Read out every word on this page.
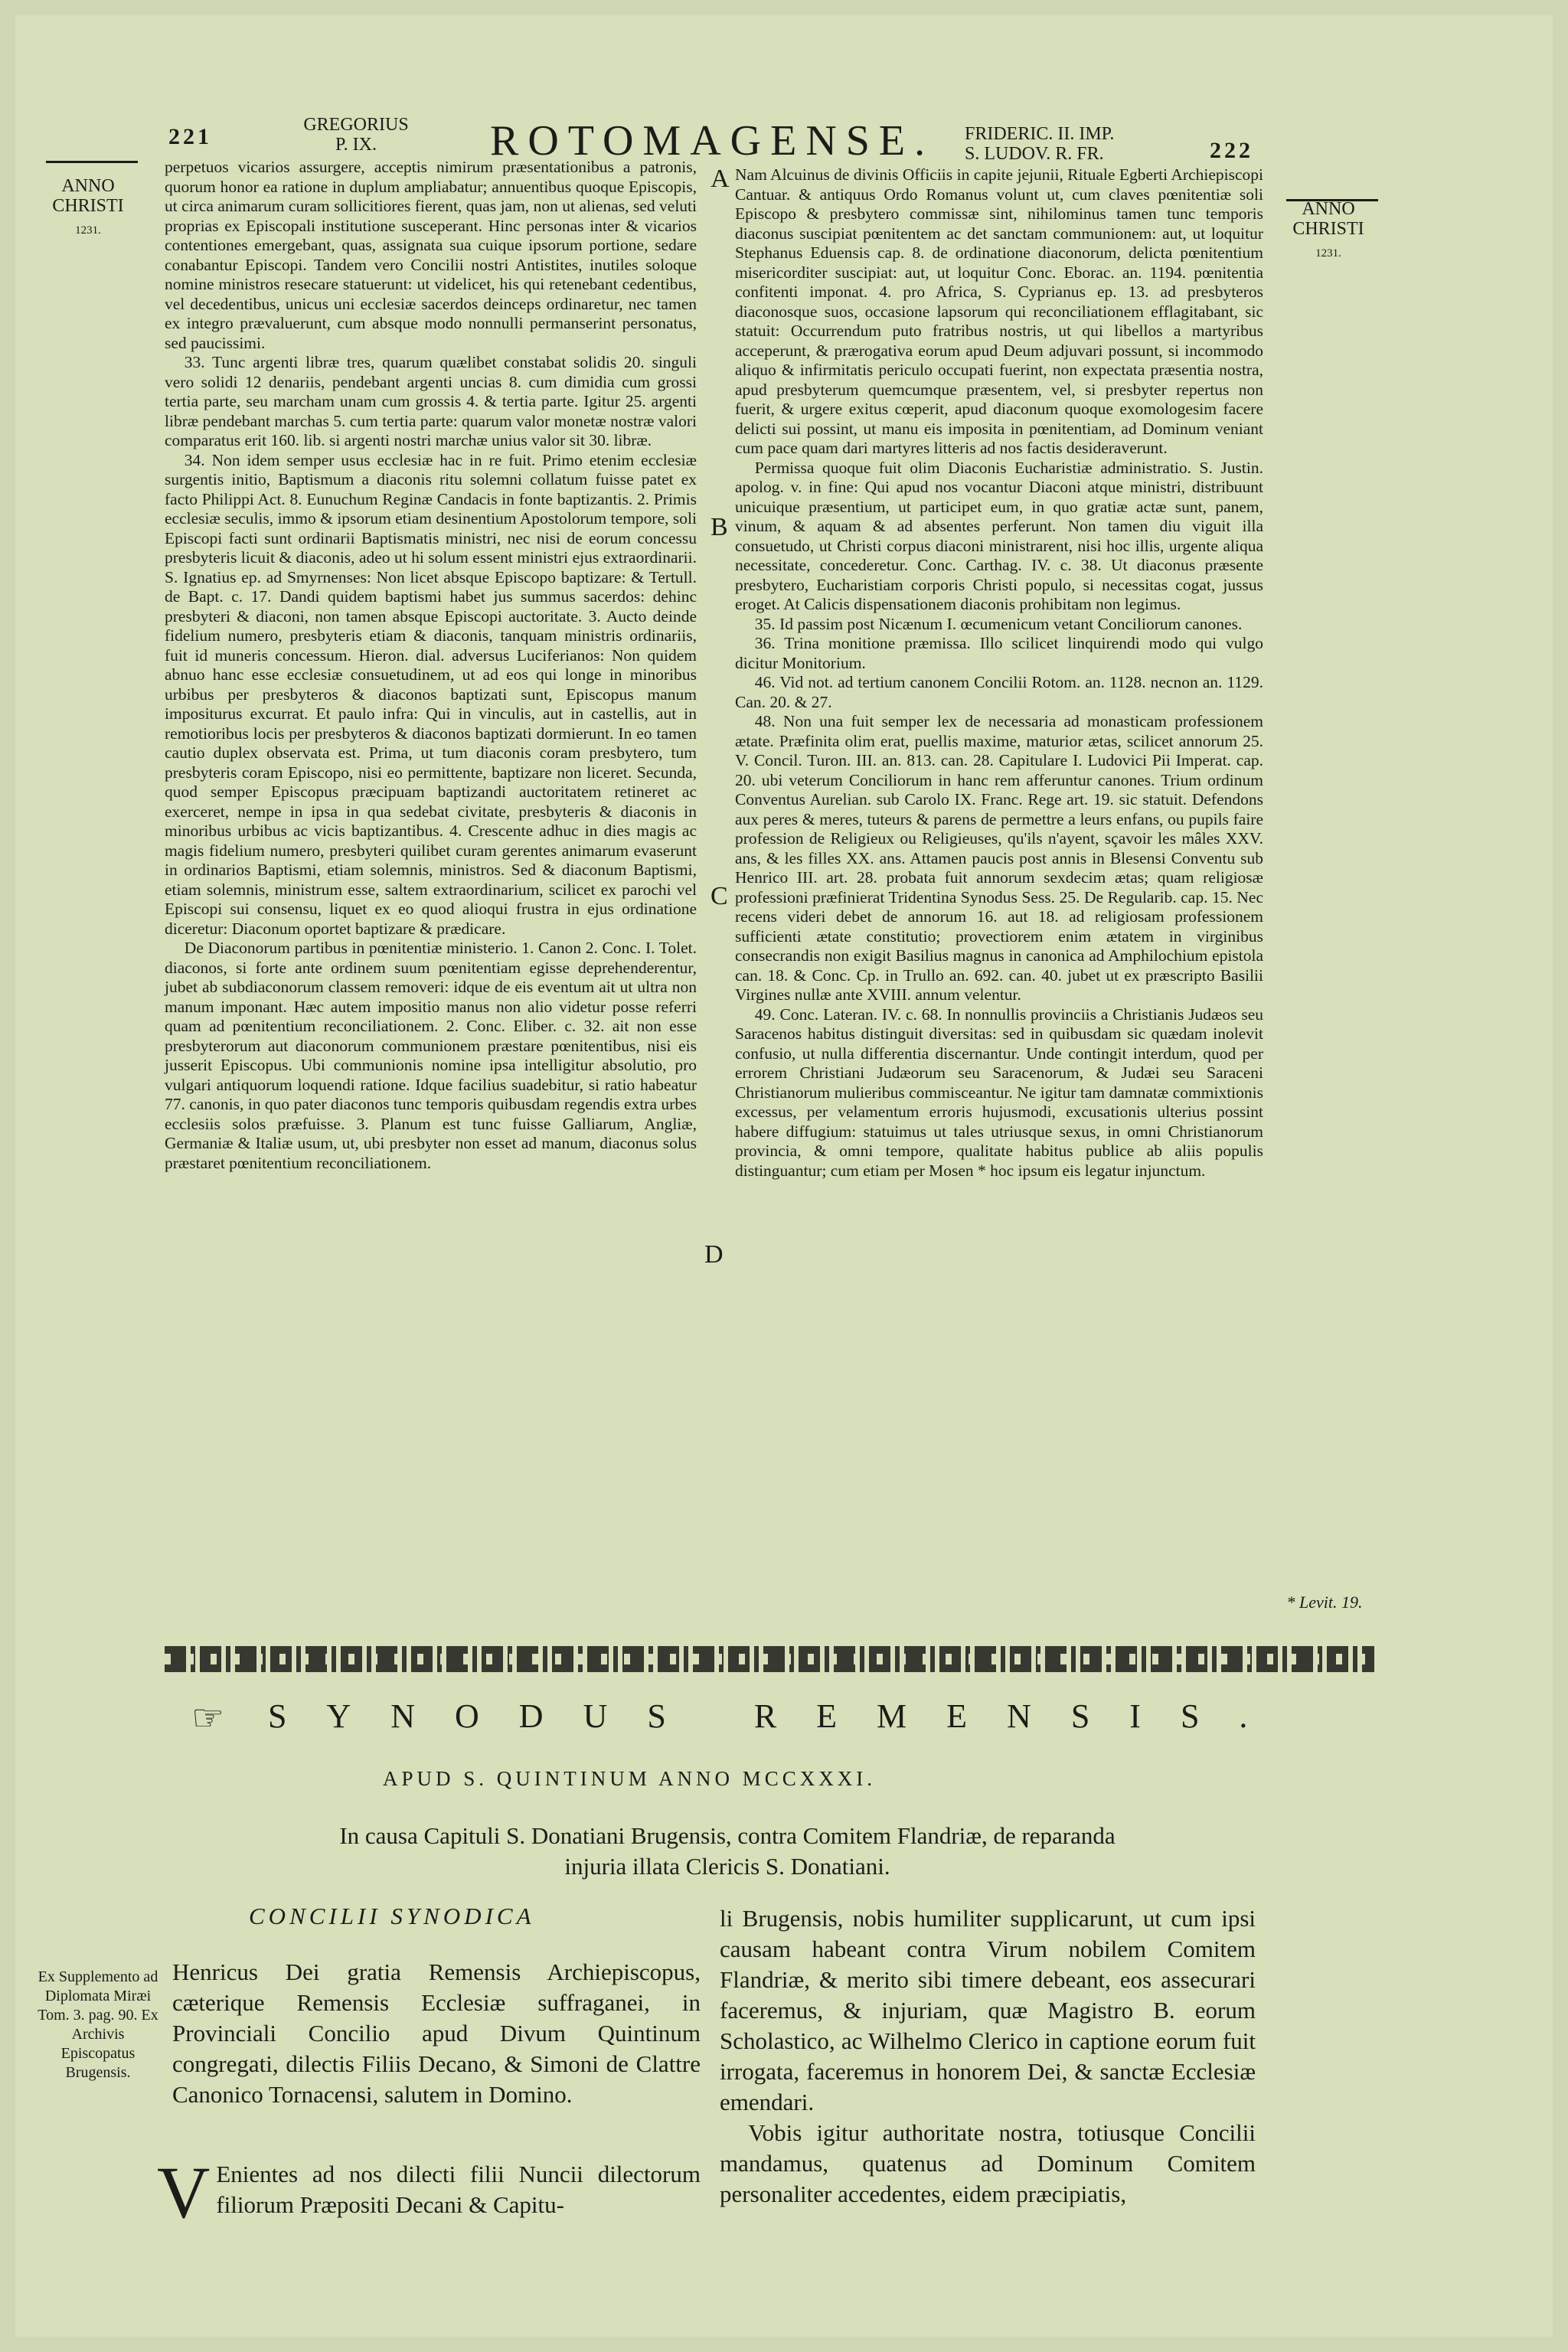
221	GREGORIUS
P. IX.	ROTOMAGENSE. FRIDERIC. II. IMP.
S. LUDOV. R. FR.	222
ANNO CHRISTI
1231.
ANNO CHRISTI
1231.

perpetuos vicarios assurgere, acceptis nimirum præsentationibus a patronis, quorum honor ea ratione in duplum ampliabatur; annuentibus quoque Episcopis, ut circa animarum curam sollicitiores fierent, quas jam, non ut alienas, sed veluti proprias ex Episcopali institutione susceperant. Hinc personas inter & vicarios contentiones emergebant, quas, assignata sua cuique ipsorum portione, sedare conabantur Episcopi. Tandem vero Concilii nostri Antistites, inutiles soloque nomine ministros resecare statuerunt: ut videlicet, his qui retenebant cedentibus, vel decedentibus, unicus uni ecclesiæ sacerdos deinceps ordinaretur, nec tamen ex integro prævaluerunt, cum absque modo nonnulli permanserint personatus, sed paucissimi.

33. Tunc argenti libræ tres, quarum quælibet constabat solidis 20. singuli vero solidi 12 denariis, pendebant argenti uncias 8. cum dimidia cum grossi tertia parte, seu marcham unam cum grossis 4. & tertia parte. Igitur 25. argenti libræ pendebant marchas 5. cum tertia parte: quarum valor monetæ nostræ valori comparatus erit 160. lib. si argenti nostri marchæ unius valor sit 30. libræ.

34. Non idem semper usus ecclesiæ hac in re fuit. Primo etenim ecclesiæ surgentis initio, Baptismum a diaconis ritu solemni collatum fuisse patet ex facto Philippi Act. 8. Eunuchum Reginæ Candacis in fonte baptizantis. 2. Primis ecclesiæ seculis, immo & ipsorum etiam desinentium Apostolorum tempore, soli Episcopi facti sunt ordinarii Baptismatis ministri, nec nisi de eorum concessu presbyteris licuit & diaconis, adeo ut hi solum essent ministri ejus extraordinarii. S. Ignatius ep. ad Smyrnenses: Non licet absque Episcopo baptizare: & Tertull. de Bapt. c. 17. Dandi quidem baptismi habet jus summus sacerdos: dehinc presbyteri & diaconi, non tamen absque Episcopi auctoritate. 3. Aucto deinde fidelium numero, presbyteris etiam & diaconis, tanquam ministris ordinariis, fuit id muneris concessum. Hieron. dial. adversus Luciferianos: Non quidem abnuo hanc esse ecclesiæ consuetudinem, ut ad eos qui longe in minoribus urbibus per presbyteros & diaconos baptizati sunt, Episcopus manum impositurus excurrat. Et paulo infra: Qui in vinculis, aut in castellis, aut in remotioribus locis per presbyteros & diaconos baptizati dormierunt. In eo tamen cautio duplex observata est. Prima, ut tum diaconis coram presbytero, tum presbyteris coram Episcopo, nisi eo permittente, baptizare non liceret. Secunda, quod semper Episcopus præcipuam baptizandi auctoritatem retineret ac exerceret, nempe in ipsa in qua sedebat civitate, presbyteris & diaconis in minoribus urbibus ac vicis baptizantibus. 4. Crescente adhuc in dies magis ac magis fidelium numero, presbyteri quilibet curam gerentes animarum evaserunt in ordinarios Baptismi, etiam solemnis, ministros. Sed & diaconum Baptismi, etiam solemnis, ministrum esse, saltem extraordinarium, scilicet ex parochi vel Episcopi sui consensu, liquet ex eo quod alioqui frustra in ejus ordinatione diceretur: Diaconum oportet baptizare & prædicare.

De Diaconorum partibus in pœnitentiæ ministerio. 1. Canon 2. Conc. I. Tolet. diaconos, si forte ante ordinem suum pœnitentiam egisse deprehenderentur, jubet ab subdiaconorum classem removeri: idque de eis eventum ait ut ultra non manum imponant. Hæc autem impositio manus non alio videtur posse referri quam ad pœnitentium reconciliationem. 2. Conc. Eliber. c. 32. ait non esse presbyterorum aut diaconorum communionem præstare pœnitentibus, nisi eis jusserit Episcopus. Ubi communionis nomine ipsa intelligitur absolutio, pro vulgari antiquorum loquendi ratione. Idque facilius suadebitur, si ratio habeatur 77. canonis, in quo pater diaconos tunc temporis quibusdam regendis extra urbes ecclesiis solos præfuisse. 3. Planum est tunc fuisse Galliarum, Angliæ, Germaniæ & Italiæ usum, ut, ubi presbyter non esset ad manum, diaconus solus præstaret pœnitentium reconciliationem.

A
B
C
D

Nam Alcuinus de divinis Officiis in capite jejunii, Rituale Egberti Archiepiscopi Cantuar. & antiquus Ordo Romanus volunt ut, cum claves pœnitentiæ soli Episcopo & presbytero commissæ sint, nihilominus tamen tunc temporis diaconus suscipiat pœnitentem ac det sanctam communionem: aut, ut loquitur Stephanus Eduensis cap. 8. de ordinatione diaconorum, delicta pœnitentium misericorditer suscipiat: aut, ut loquitur Conc. Eborac. an. 1194. pœnitentia confitenti imponat. 4. pro Africa, S. Cyprianus ep. 13. ad presbyteros diaconosque suos, occasione lapsorum qui reconciliationem efflagitabant, sic statuit: Occurrendum puto fratribus nostris, ut qui libellos a martyribus acceperunt, & prærogativa eorum apud Deum adjuvari possunt, si incommodo aliquo & infirmitatis periculo occupati fuerint, non expectata præsentia nostra, apud presbyterum quemcumque præsentem, vel, si presbyter repertus non fuerit, & urgere exitus cœperit, apud diaconum quoque exomologesim facere delicti sui possint, ut manu eis imposita in pœnitentiam, ad Dominum veniant cum pace quam dari martyres litteris ad nos factis desideraverunt.

Permissa quoque fuit olim Diaconis Eucharistiæ administratio. S. Justin. apolog. v. in fine: Qui apud nos vocantur Diaconi atque ministri, distribuunt unicuique præsentium, ut participet eum, in quo gratiæ actæ sunt, panem, vinum, & aquam & ad absentes perferunt. Non tamen diu viguit illa consuetudo, ut Christi corpus diaconi ministrarent, nisi hoc illis, urgente aliqua necessitate, concederetur. Conc. Carthag. IV. c. 38. Ut diaconus præsente presbytero, Eucharistiam corporis Christi populo, si necessitas cogat, jussus eroget. At Calicis dispensationem diaconis prohibitam non legimus.

35. Id passim post Nicænum I. œcumenicum vetant Conciliorum canones.

36. Trina monitione præmissa. Illo scilicet linquirendi modo qui vulgo dicitur Monitorium.

46. Vid not. ad tertium canonem Concilii Rotom. an. 1128. necnon an. 1129. Can. 20. & 27.

48. Non una fuit semper lex de necessaria ad monasticam professionem ætate. Præfinita olim erat, puellis maxime, maturior ætas, scilicet annorum 25. V. Concil. Turon. III. an. 813. can. 28. Capitulare I. Ludovici Pii Imperat. cap. 20. ubi veterum Conciliorum in hanc rem afferuntur canones. Trium ordinum Conventus Aurelian. sub Carolo IX. Franc. Rege art. 19. sic statuit. Defendons aux peres & meres, tuteurs & parens de permettre a leurs enfans, ou pupils faire profession de Religieux ou Religieuses, qu'ils n'ayent, sçavoir les mâles XXV. ans, & les filles XX. ans. Attamen paucis post annis in Blesensi Conventu sub Henrico III. art. 28. probata fuit annorum sexdecim ætas; quam religiosæ professioni præfinierat Tridentina Synodus Sess. 25. De Regularib. cap. 15. Nec recens videri debet de annorum 16. aut 18. ad religiosam professionem sufficienti ætate constitutio; provectiorem enim ætatem in virginibus consecrandis non exigit Basilius magnus in canonica ad Amphilochium epistola can. 18. & Conc. Cp. in Trullo an. 692. can. 40. jubet ut ex præscripto Basilii Virgines nullæ ante XVIII. annum velentur.

49. Conc. Lateran. IV. c. 68. In nonnullis provinciis a Christianis Judæos seu Saracenos habitus distinguit diversitas: sed in quibusdam sic quædam inolevit confusio, ut nulla differentia discernantur. Unde contingit interdum, quod per errorem Christiani Judæorum seu Saracenorum, & Judæi seu Saraceni Christianorum mulieribus commisceantur. Ne igitur tam damnatæ commixtionis excessus, per velamentum erroris hujusmodi, excusationis ulterius possint habere diffugium: statuimus ut tales utriusque sexus, in omni Christianorum provincia, & omni tempore, qualitate habitus publice ab aliis populis distinguantur; cum etiam per Mosen * hoc ipsum eis legatur injunctum.

* Levit. 19.
☞ SYNODUS REMENSIS.
APUD S. QUINTINUM ANNO MCCXXXI.
In causa Capituli S. Donatiani Brugensis, contra Comitem Flandriæ, de reparanda
injuria illata Clericis S. Donatiani.
CONCILII SYNODICA
Ex Supplemento ad Diplomata Miræi Tom. 3. pag. 90. Ex Archivis Episcopatus Brugensis.

Henricus Dei gratia Remensis Archiepiscopus, cæterique Remensis Ecclesiæ suffraganei, in Provinciali Concilio apud Divum Quintinum congregati, dilectis Filiis Decano, & Simoni de Clattre Canonico Tornacensi, salutem in Domino.

V Enientes ad nos dilecti filii Nuncii dilectorum filiorum Præpositi Decani & Capitu-

li Brugensis, nobis humiliter supplicarunt, ut cum ipsi causam habeant contra Virum nobilem Comitem Flandriæ, & merito sibi timere debeant, eos assecurari faceremus, & injuriam, quæ Magistro B. eorum Scholastico, ac Wilhelmo Clerico in captione eorum fuit irrogata, faceremus in honorem Dei, & sanctæ Ecclesiæ emendari.

Vobis igitur authoritate nostra, totiusque Concilii mandamus, quatenus ad Dominum Comitem personaliter accedentes, eidem præcipiatis,
